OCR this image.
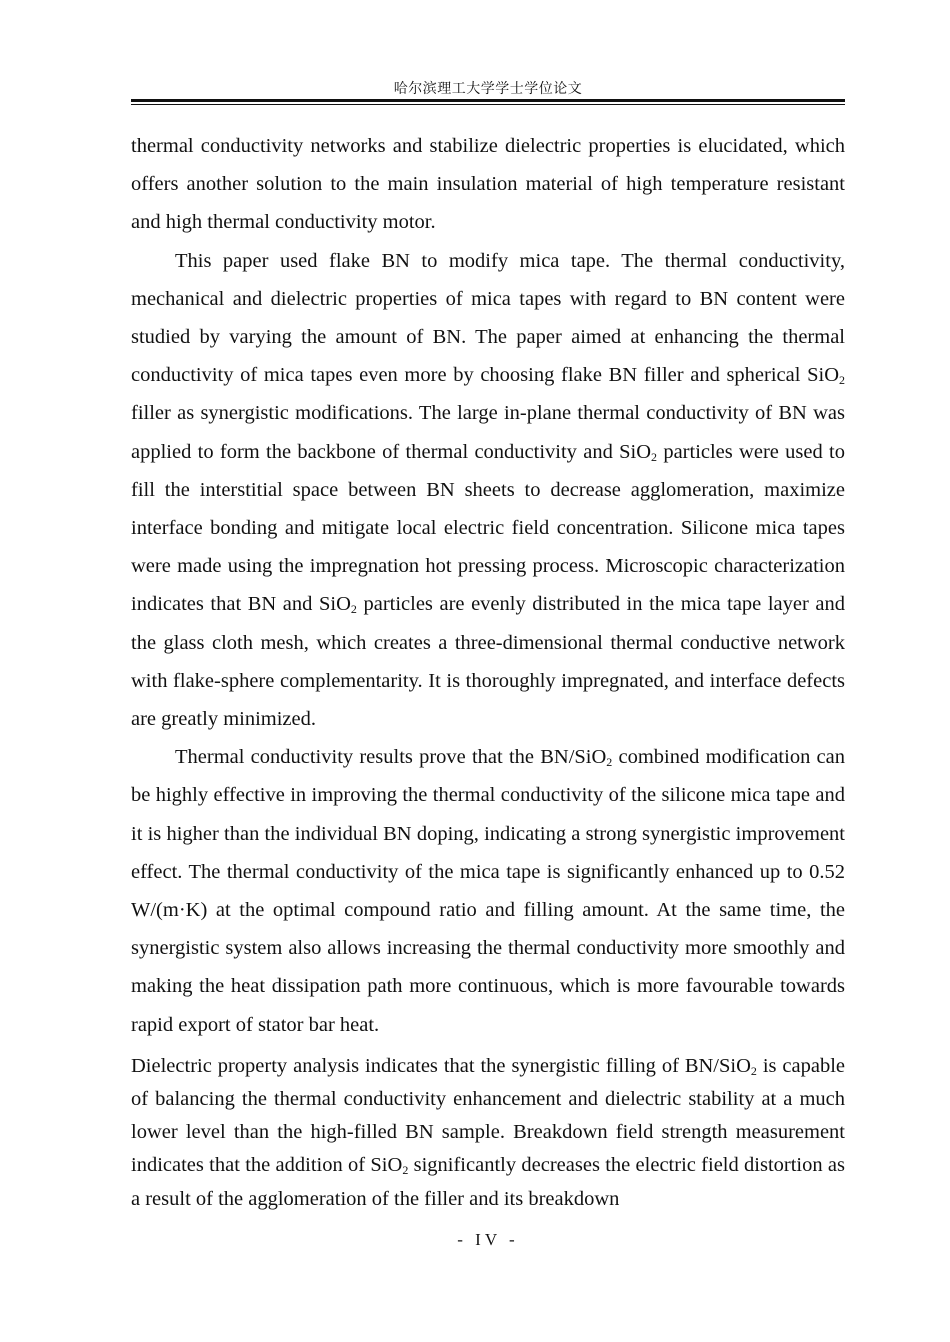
哈尔滨理工大学学士学位论文

thermal conductivity networks and stabilize dielectric properties is elucidated, which offers another solution to the main insulation material of high temperature resistant and high thermal conductivity motor.

This paper used flake BN to modify mica tape. The thermal conductivity, mechanical and dielectric properties of mica tapes with regard to BN content were studied by varying the amount of BN. The paper aimed at enhancing the thermal conductivity of mica tapes even more by choosing flake BN filler and spherical SiO$_2$ filler as synergistic modifications. The large in-plane thermal conductivity of BN was applied to form the backbone of thermal conductivity and SiO$_2$ particles were used to fill the interstitial space between BN sheets to decrease agglomeration, maximize interface bonding and mitigate local electric field concentration. Silicone mica tapes were made using the impregnation hot pressing process. Microscopic characterization indicates that BN and SiO$_2$ particles are evenly distributed in the mica tape layer and the glass cloth mesh, which creates a three-dimensional thermal conductive network with flake-sphere complementarity. It is thoroughly impregnated, and interface defects are greatly minimized.

Thermal conductivity results prove that the BN/SiO$_2$ combined modification can be highly effective in improving the thermal conductivity of the silicone mica tape and it is higher than the individual BN doping, indicating a strong synergistic improvement effect. The thermal conductivity of the mica tape is significantly enhanced up to 0.52 W/(m·K) at the optimal compound ratio and filling amount. At the same time, the synergistic system also allows increasing the thermal conductivity more smoothly and making the heat dissipation path more continuous, which is more favourable towards rapid export of stator bar heat.

Dielectric property analysis indicates that the synergistic filling of BN/SiO$_2$ is capable of balancing the thermal conductivity enhancement and dielectric stability at a much lower level than the high-filled BN sample. Breakdown field strength measurement indicates that the addition of SiO$_2$ significantly decreases the electric field distortion as a result of the agglomeration of the filler and its breakdown

- IV -
